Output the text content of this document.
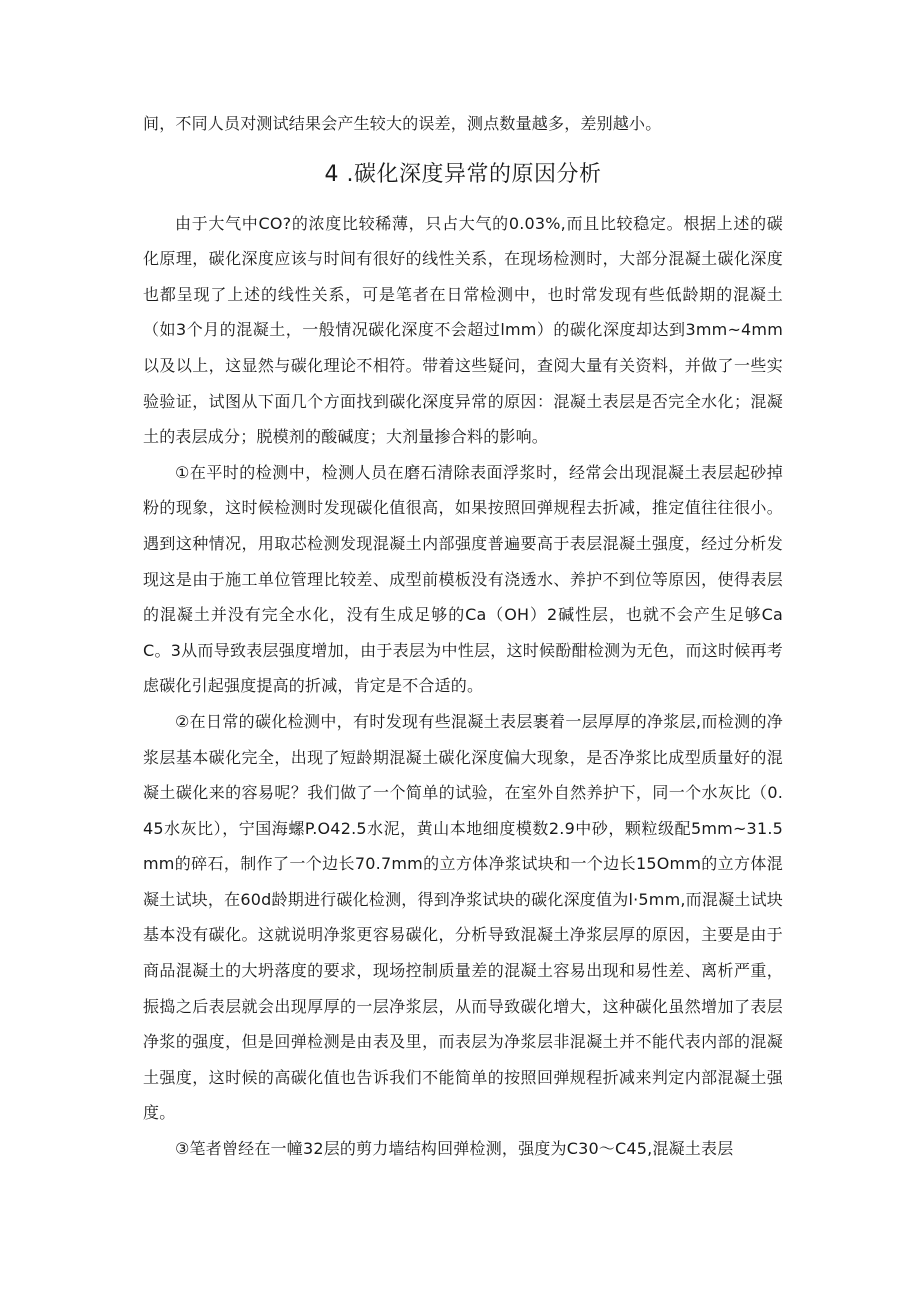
间，不同人员对测试结果会产生较大的误差，测点数量越多，差别越小。

4 .碳化深度异常的原因分析

由于大气中CO?的浓度比较稀薄，只占大气的0.03%,而且比较稳定。根据上述的碳化原理，碳化深度应该与时间有很好的线性关系，在现场检测时，大部分混凝土碳化深度也都呈现了上述的线性关系，可是笔者在日常检测中，也时常发现有些低龄期的混凝土（如3个月的混凝土，一般情况碳化深度不会超过lmm）的碳化深度却达到3mm~4mm以及以上，这显然与碳化理论不相符。带着这些疑问，查阅大量有关资料，并做了一些实验验证，试图从下面几个方面找到碳化深度异常的原因：混凝土表层是否完全水化；混凝土的表层成分；脱模剂的酸碱度；大剂量掺合料的影响。

①在平时的检测中，检测人员在磨石清除表面浮浆时，经常会出现混凝土表层起砂掉粉的现象，这时候检测时发现碳化值很高，如果按照回弹规程去折减，推定值往往很小。遇到这种情况，用取芯检测发现混凝土内部强度普遍要高于表层混凝土强度，经过分析发现这是由于施工单位管理比较差、成型前模板没有浇透水、养护不到位等原因，使得表层的混凝土并没有完全水化，没有生成足够的Ca（OH）2碱性层，也就不会产生足够CaC。3从而导致表层强度增加，由于表层为中性层，这时候酚酣检测为无色，而这时候再考虑碳化引起强度提高的折减，肯定是不合适的。

②在日常的碳化检测中，有时发现有些混凝土表层裹着一层厚厚的净浆层,而检测的净浆层基本碳化完全，出现了短龄期混凝土碳化深度偏大现象，是否净浆比成型质量好的混凝土碳化来的容易呢？我们做了一个简单的试验，在室外自然养护下，同一个水灰比（0.45水灰比），宁国海螺P.O42.5水泥，黄山本地细度模数2.9中砂，颗粒级配5mm~31.5mm的碎石，制作了一个边长70.7mm的立方体净浆试块和一个边长15Omm的立方体混凝土试块，在60d龄期进行碳化检测，得到净浆试块的碳化深度值为l·5mm,而混凝土试块基本没有碳化。这就说明净浆更容易碳化，分析导致混凝土净浆层厚的原因，主要是由于商品混凝土的大坍落度的要求，现场控制质量差的混凝土容易出现和易性差、离析严重，振捣之后表层就会出现厚厚的一层净浆层，从而导致碳化增大，这种碳化虽然增加了表层净浆的强度，但是回弹检测是由表及里，而表层为净浆层非混凝土并不能代表内部的混凝土强度，这时候的高碳化值也告诉我们不能简单的按照回弹规程折减来判定内部混凝土强度。

③笔者曾经在一幢32层的剪力墙结构回弹检测，强度为C30～C45,混凝土表层
